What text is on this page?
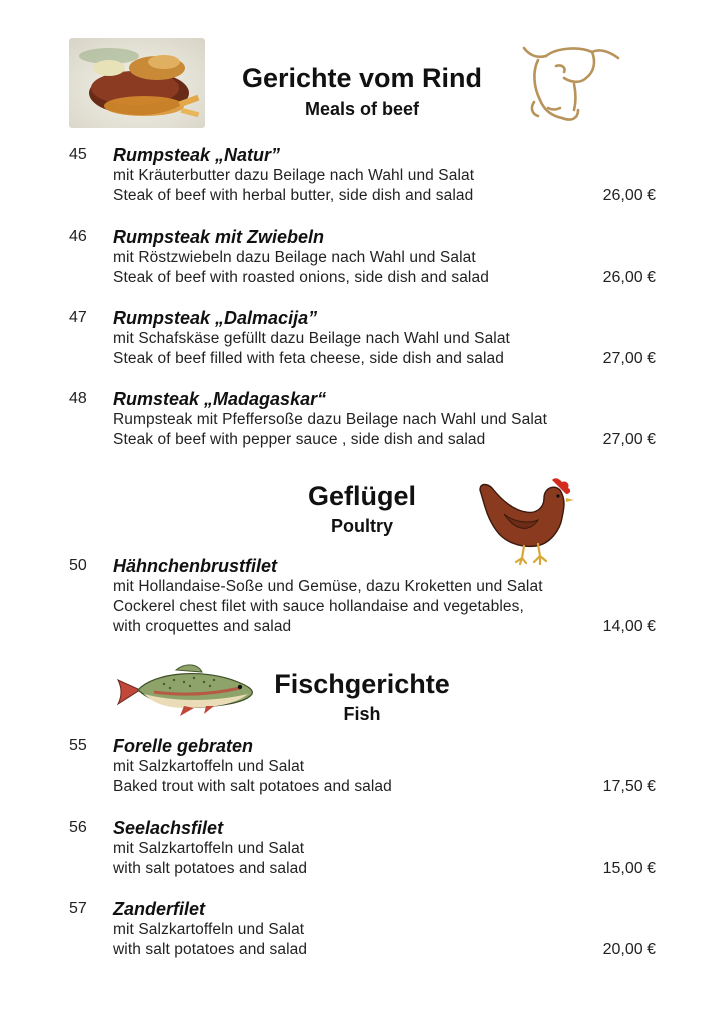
Gerichte vom Rind
Meals of beef
45 Rumpsteak „Natur”
mit Kräuterbutter dazu Beilage nach Wahl und Salat
Steak of beef with herbal butter, side dish and salad	26,00 €
46 Rumpsteak mit Zwiebeln
mit Röstzwiebeln dazu Beilage nach Wahl und Salat
Steak of beef with roasted onions, side dish and salad	26,00 €
47 Rumpsteak „Dalmacija”
mit Schafskäse gefüllt dazu Beilage nach Wahl und Salat
Steak of beef filled with feta cheese, side dish and salad	27,00 €
48 Rumsteak „Madagaskar“
Rumpsteak mit Pfeffersoße dazu Beilage nach Wahl und Salat
Steak of beef with pepper sauce , side dish and salad	27,00 €
Geflügel
Poultry
50 Hähnchenbrustfilet
mit Hollandaise-Soße und Gemüse, dazu Kroketten und Salat
Cockerel chest filet with sauce hollandaise and vegetables,
with croquettes and salad	14,00 €
Fischgerichte
Fish
55 Forelle gebraten
mit Salzkartoffeln und Salat
Baked trout with salt potatoes and salad	17,50 €
56 Seelachsfilet
mit Salzkartoffeln und Salat
with salt potatoes and salad	15,00 €
57 Zanderfilet
mit Salzkartoffeln und Salat
with salt potatoes and salad	20,00 €
